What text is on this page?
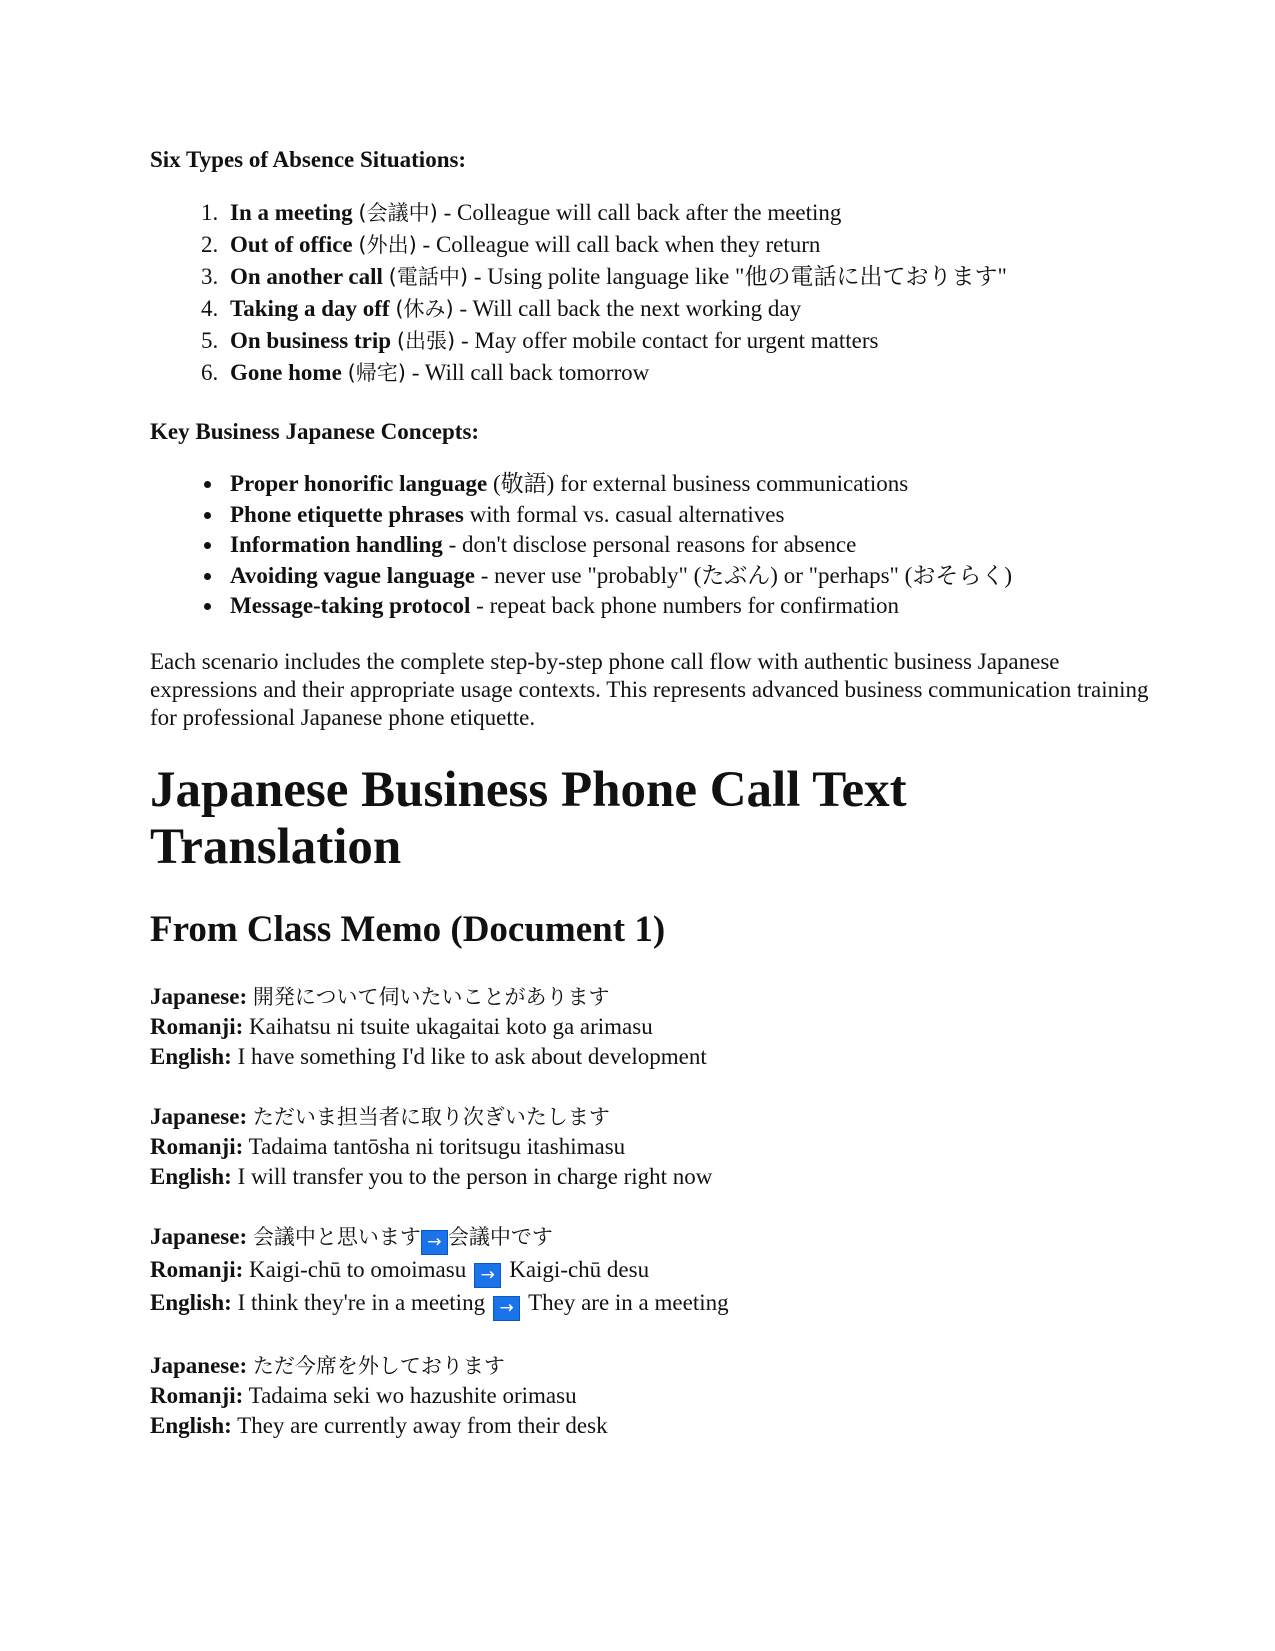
Six Types of Absence Situations:

1. In a meeting (会議中) - Colleague will call back after the meeting
2. Out of office (外出) - Colleague will call back when they return
3. On another call (電話中) - Using polite language like "他の電話に出ております"
4. Taking a day off (休み) - Will call back the next working day
5. On business trip (出張) - May offer mobile contact for urgent matters
6. Gone home (帰宅) - Will call back tomorrow

Key Business Japanese Concepts:

• Proper honorific language (敬語) for external business communications
• Phone etiquette phrases with formal vs. casual alternatives
• Information handling - don't disclose personal reasons for absence
• Avoiding vague language - never use "probably" (たぶん) or "perhaps" (おそらく)
• Message-taking protocol - repeat back phone numbers for confirmation

Each scenario includes the complete step-by-step phone call flow with authentic business Japanese expressions and their appropriate usage contexts. This represents advanced business communication training for professional Japanese phone etiquette.

Japanese Business Phone Call Text Translation
From Class Memo (Document 1)
Japanese: 開発について伺いたいことがあります
Romanji: Kaihatsu ni tsuite ukagaitai koto ga arimasu
English: I have something I'd like to ask about development
Japanese: ただいま担当者に取り次ぎいたします
Romanji: Tadaima tantōsha ni toritsugu itashimasu
English: I will transfer you to the person in charge right now
Japanese: 会議中と思います → 会議中です
Romanji: Kaigi-chū to omoimasu → Kaigi-chū desu
English: I think they're in a meeting → They are in a meeting
Japanese: ただ今席を外しております
Romanji: Tadaima seki wo hazushite orimasu
English: They are currently away from their desk
